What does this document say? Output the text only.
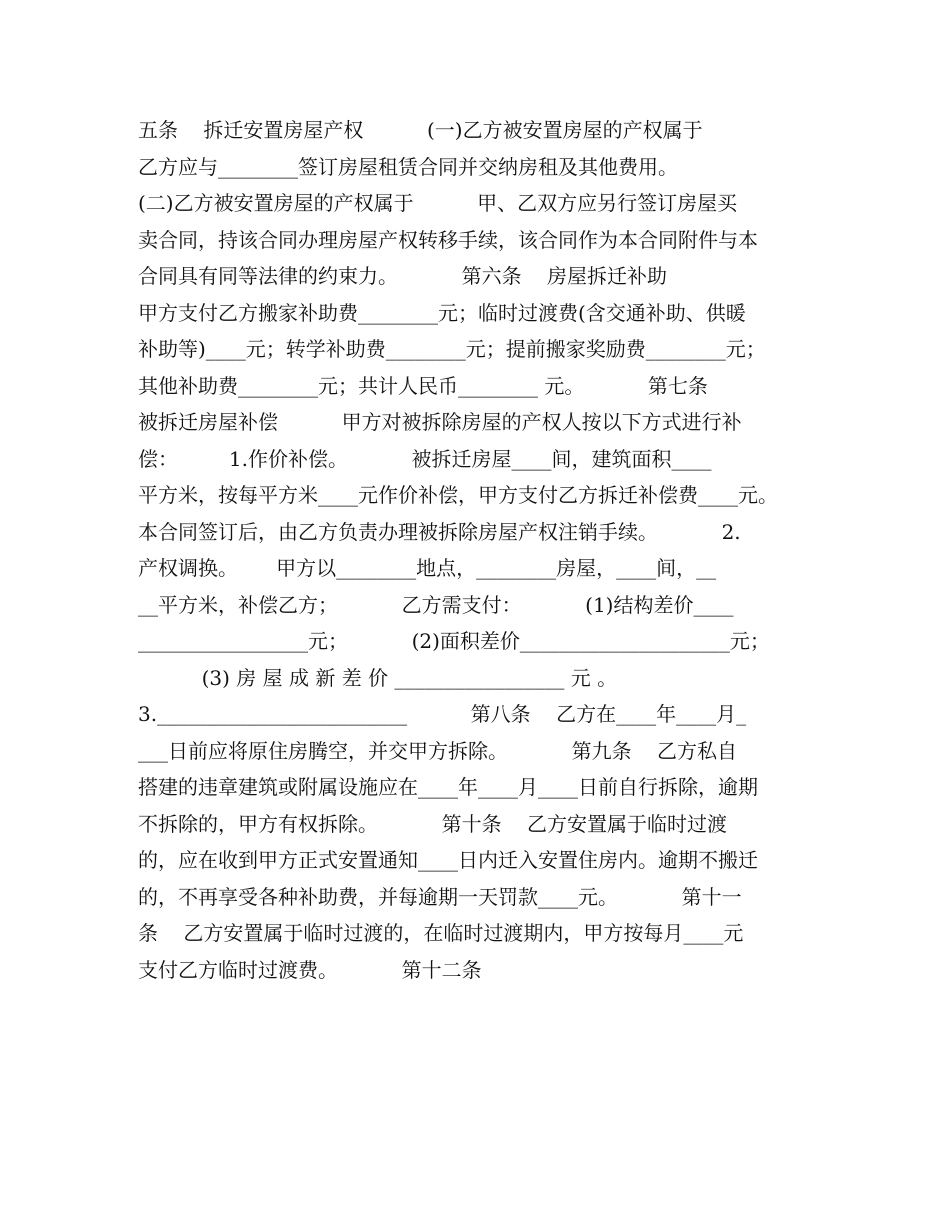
五条    拆迁安置房屋产权          (一)乙方被安置房屋的产权属于
乙方应与________签订房屋租赁合同并交纳房租及其他费用。
(二)乙方被安置房屋的产权属于          甲、乙双方应另行签订房屋买
卖合同，持该合同办理房屋产权转移手续，该合同作为本合同附件与本
合同具有同等法律的约束力。          第六条    房屋拆迁补助
甲方支付乙方搬家补助费________元；临时过渡费(含交通补助、供暖
补助等)____元；转学补助费________元；提前搬家奖励费________元；
其他补助费________元；共计人民币________ 元。          第七条
被拆迁房屋补偿          甲方对被拆除房屋的产权人按以下方式进行补
偿：        1.作价补偿。          被拆迁房屋____间，建筑面积____
平方米，按每平方米____元作价补偿，甲方支付乙方拆迁补偿费____元。
本合同签订后，由乙方负责办理被拆除房屋产权注销手续。          2.
产权调换。      甲方以________地点，________房屋，____间，__
__平方米，补偿乙方；          乙方需支付：          (1)结构差价____
_________________元；          (2)面积差价_____________________元；
(3) 房 屋 成 新 差 价 _________________ 元 。
3._________________________          第八条    乙方在____年____月_
___日前应将原住房腾空，并交甲方拆除。          第九条    乙方私自
搭建的违章建筑或附属设施应在____年____月____日前自行拆除，逾期
不拆除的，甲方有权拆除。          第十条    乙方安置属于临时过渡
的，应在收到甲方正式安置通知____日内迁入安置住房内。逾期不搬迁
的，不再享受各种补助费，并每逾期一天罚款____元。          第十一
条    乙方安置属于临时过渡的，在临时过渡期内，甲方按每月____元
支付乙方临时过渡费。          第十二条
